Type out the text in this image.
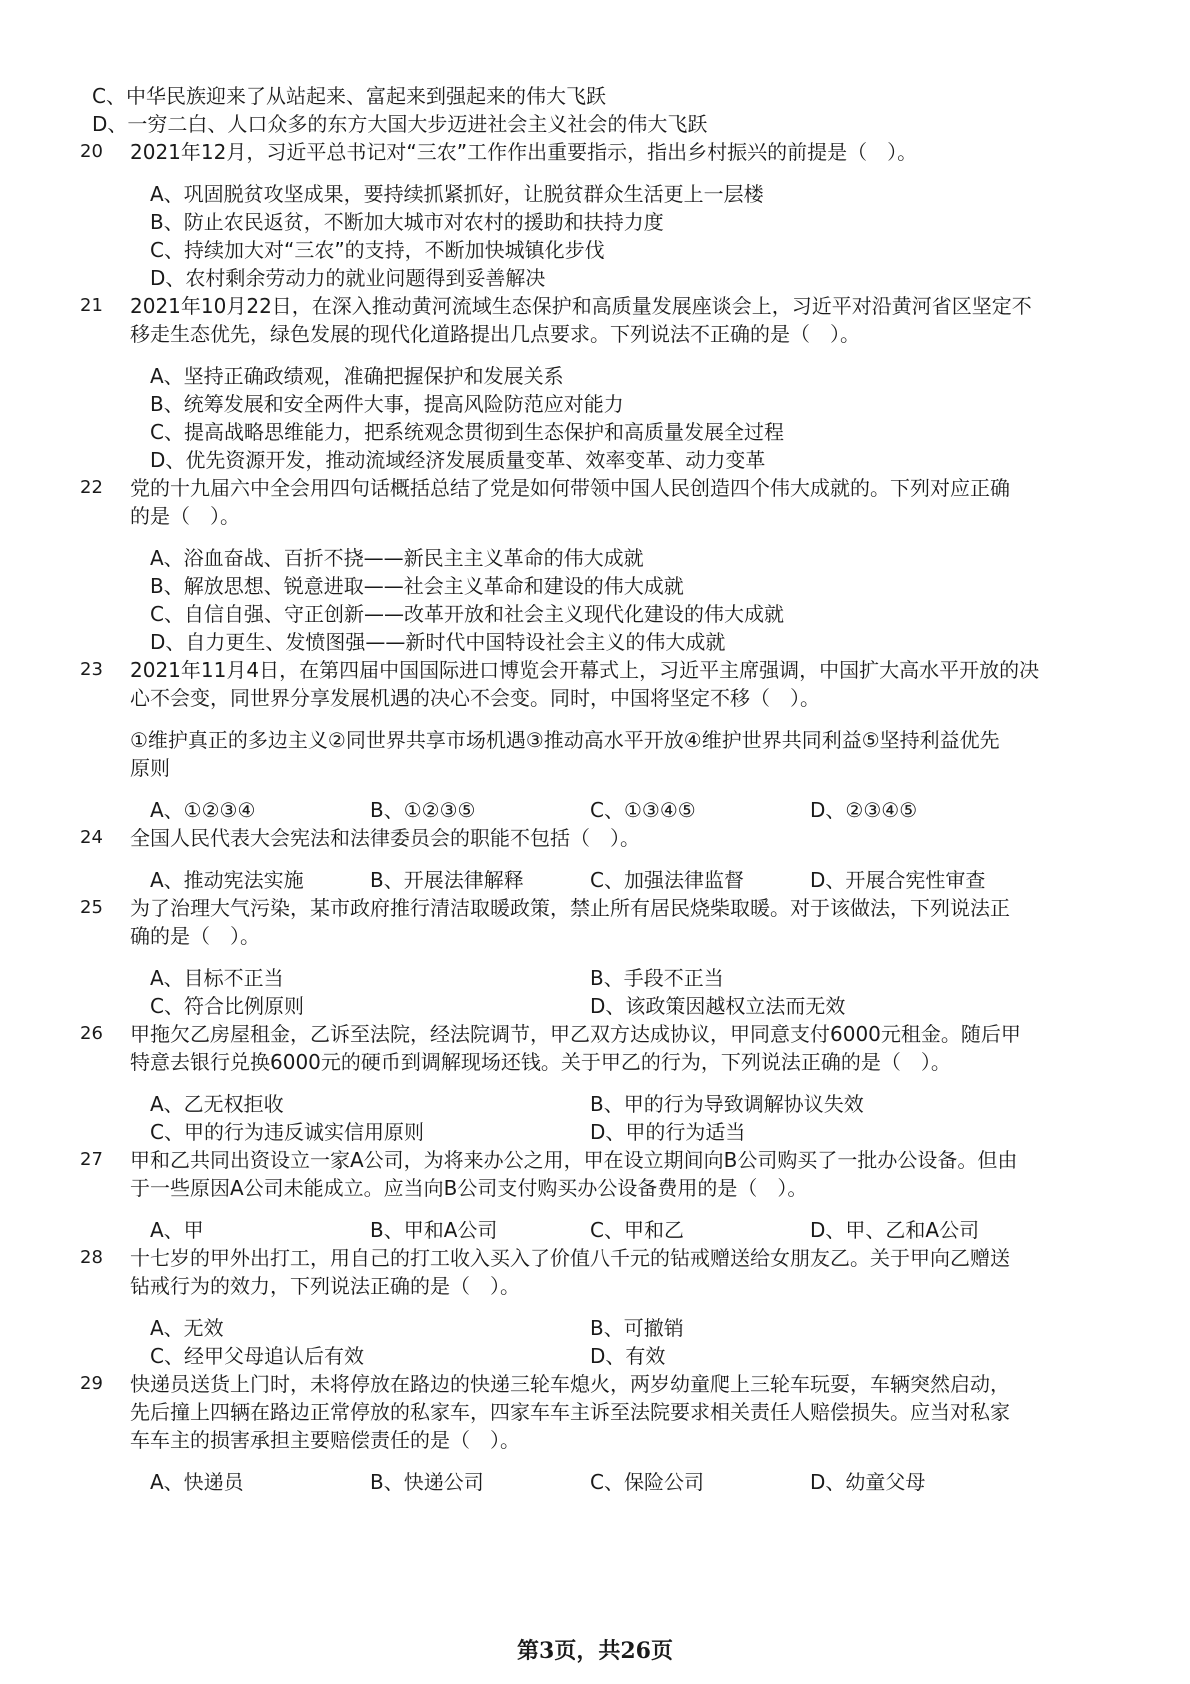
C、中华民族迎来了从站起来、富起来到强起来的伟大飞跃
D、一穷二白、人口众多的东方大国大步迈进社会主义社会的伟大飞跃
20 2021年12月，习近平总书记对“三农”工作作出重要指示，指出乡村振兴的前提是（　）。
A、巩固脱贫攻坚成果，要持续抓紧抓好，让脱贫群众生活更上一层楼
B、防止农民返贫，不断加大城市对农村的援助和扶持力度
C、持续加大对“三农”的支持，不断加快城镇化步伐
D、农村剩余劳动力的就业问题得到妥善解决
21 2021年10月22日，在深入推动黄河流域生态保护和高质量发展座谈会上，习近平对沿黄河省区坚定不
移走生态优先，绿色发展的现代化道路提出几点要求。下列说法不正确的是（　）。
A、坚持正确政绩观，准确把握保护和发展关系
B、统筹发展和安全两件大事，提高风险防范应对能力
C、提高战略思维能力，把系统观念贯彻到生态保护和高质量发展全过程
D、优先资源开发，推动流域经济发展质量变革、效率变革、动力变革
22 党的十九届六中全会用四句话概括总结了党是如何带领中国人民创造四个伟大成就的。下列对应正确
的是（　）。
A、浴血奋战、百折不挠——新民主主义革命的伟大成就
B、解放思想、锐意进取——社会主义革命和建设的伟大成就
C、自信自强、守正创新——改革开放和社会主义现代化建设的伟大成就
D、自力更生、发愤图强——新时代中国特设社会主义的伟大成就
23 2021年11月4日，在第四届中国国际进口博览会开幕式上，习近平主席强调，中国扩大高水平开放的决
心不会变，同世界分享发展机遇的决心不会变。同时，中国将坚定不移（　）。
①维护真正的多边主义②同世界共享市场机遇③推动高水平开放④维护世界共同利益⑤坚持利益优先
原则
A、①②③④	B、①②③⑤	C、①③④⑤	D、②③④⑤
24 全国人民代表大会宪法和法律委员会的职能不包括（　）。
A、推动宪法实施	B、开展法律解释	C、加强法律监督	D、开展合宪性审查
25 为了治理大气污染，某市政府推行清洁取暖政策，禁止所有居民烧柴取暖。对于该做法，下列说法正
确的是（　）。
A、目标不正当	B、手段不正当
C、符合比例原则	D、该政策因越权立法而无效
26 甲拖欠乙房屋租金，乙诉至法院，经法院调节，甲乙双方达成协议，甲同意支付6000元租金。随后甲
特意去银行兑换6000元的硬币到调解现场还钱。关于甲乙的行为，下列说法正确的是（　）。
A、乙无权拒收	B、甲的行为导致调解协议失效
C、甲的行为违反诚实信用原则	D、甲的行为适当
27 甲和乙共同出资设立一家A公司，为将来办公之用，甲在设立期间向B公司购买了一批办公设备。但由
于一些原因A公司未能成立。应当向B公司支付购买办公设备费用的是（　）。
A、甲	B、甲和A公司	C、甲和乙	D、甲、乙和A公司
28 十七岁的甲外出打工，用自己的打工收入买入了价值八千元的钻戒赠送给女朋友乙。关于甲向乙赠送
钻戒行为的效力，下列说法正确的是（　）。
A、无效	B、可撤销
C、经甲父母追认后有效	D、有效
29 快递员送货上门时，未将停放在路边的快递三轮车熄火，两岁幼童爬上三轮车玩耍，车辆突然启动，
先后撞上四辆在路边正常停放的私家车，四家车车主诉至法院要求相关责任人赔偿损失。应当对私家
车车主的损害承担主要赔偿责任的是（　）。
A、快递员	B、快递公司	C、保险公司	D、幼童父母
第3页，共26页
